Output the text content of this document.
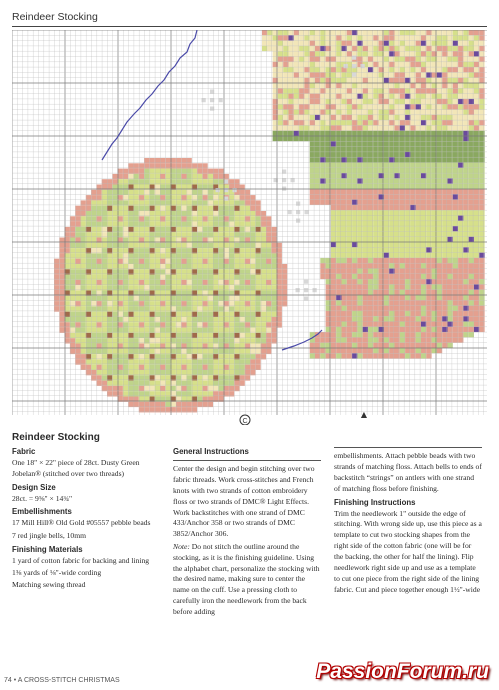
Reindeer Stocking
C
▲
Reindeer Stocking
Fabric

One 18" × 22" piece of 28ct. Dusty Green Jobelan® (stitched over two threads)

Design Size

28ct. = 9⅝" × 14¾"

Embellishments

17 Mill Hill® Old Gold #05557 pebble beads

7 red jingle bells, 10mm

Finishing Materials

1 yard of cotton fabric for backing and lining

1⅜ yards of ⅛"-wide cording

Matching sewing thread

General Instructions

Center the design and begin stitching over two fabric threads. Work cross-stitches and French knots with two strands of cotton embroidery floss or two strands of DMC® Light Effects. Work backstitches with one strand of DMC 433/Anchor 358 or two strands of DMC 3852/Anchor 306.

Note: Do not stitch the outline around the stocking, as it is the finishing guideline. Using the alphabet chart, personalize the stocking with the desired name, making sure to center the name on the cuff. Use a pressing cloth to carefully iron the needlework from the back before adding

embellishments. Attach pebble beads with two strands of matching floss. Attach bells to ends of backstitch “strings” on antlers with one strand of matching floss before finishing.

Finishing Instructions

Trim the needlework 1" outside the edge of stitching. With wrong side up, use this piece as a template to cut two stocking shapes from the right side of the cotton fabric (one will be for the backing, the other for half the lining). Flip needlework right side up and use as a template to cut one piece from the right side of the lining fabric. Cut and piece together enough 1½"-wide

74 • A CROSS-STITCH CHRISTMAS	PassionForum.ru
